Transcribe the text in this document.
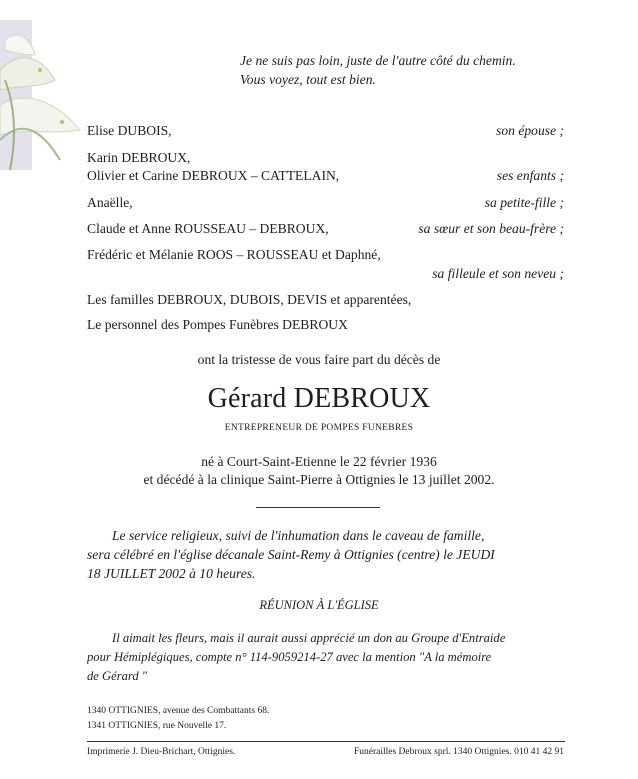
Je ne suis pas loin, juste de l'autre côté du chemin.
Vous voyez, tout est bien.
Elise DUBOIS,	son épouse ;
Karin DEBROUX,
Olivier et Carine DEBROUX – CATTELAIN,	ses enfants ;
Anaëlle,	sa petite-fille ;
Claude et Anne ROUSSEAU – DEBROUX,	sa sœur et son beau-frère ;
Frédéric et Mélanie ROOS – ROUSSEAU et Daphné,
sa filleule et son neveu ;
Les familles DEBROUX, DUBOIS, DEVIS et apparentées,
Le personnel des Pompes Funèbres DEBROUX
ont la tristesse de vous faire part du décès de
Gérard DEBROUX
ENTREPRENEUR DE POMPES FUNEBRES
né à Court-Saint-Etienne le 22 février 1936
et décédé à la clinique Saint-Pierre à Ottignies le 13 juillet 2002.
Le service religieux, suivi de l'inhumation dans le caveau de famille,
sera célébré en l'église décanale Saint-Remy à Ottignies (centre) le JEUDI
18 JUILLET 2002 à 10 heures.
RÉUNION À L'ÉGLISE
Il aimait les fleurs, mais il aurait aussi apprécié un don au Groupe d'Entraide
pour Hémiplégiques, compte n° 114-9059214-27 avec la mention "A la mémoire
de Gérard "
1340 OTTIGNIES, avenue des Combattants 68.
1341 OTTIGNIES, rue Nouvelle 17.
Imprimerie J. Dieu-Brichart, Ottignies.	Funérailles Debroux sprl. 1340 Ottignies. 010 41 42 91
